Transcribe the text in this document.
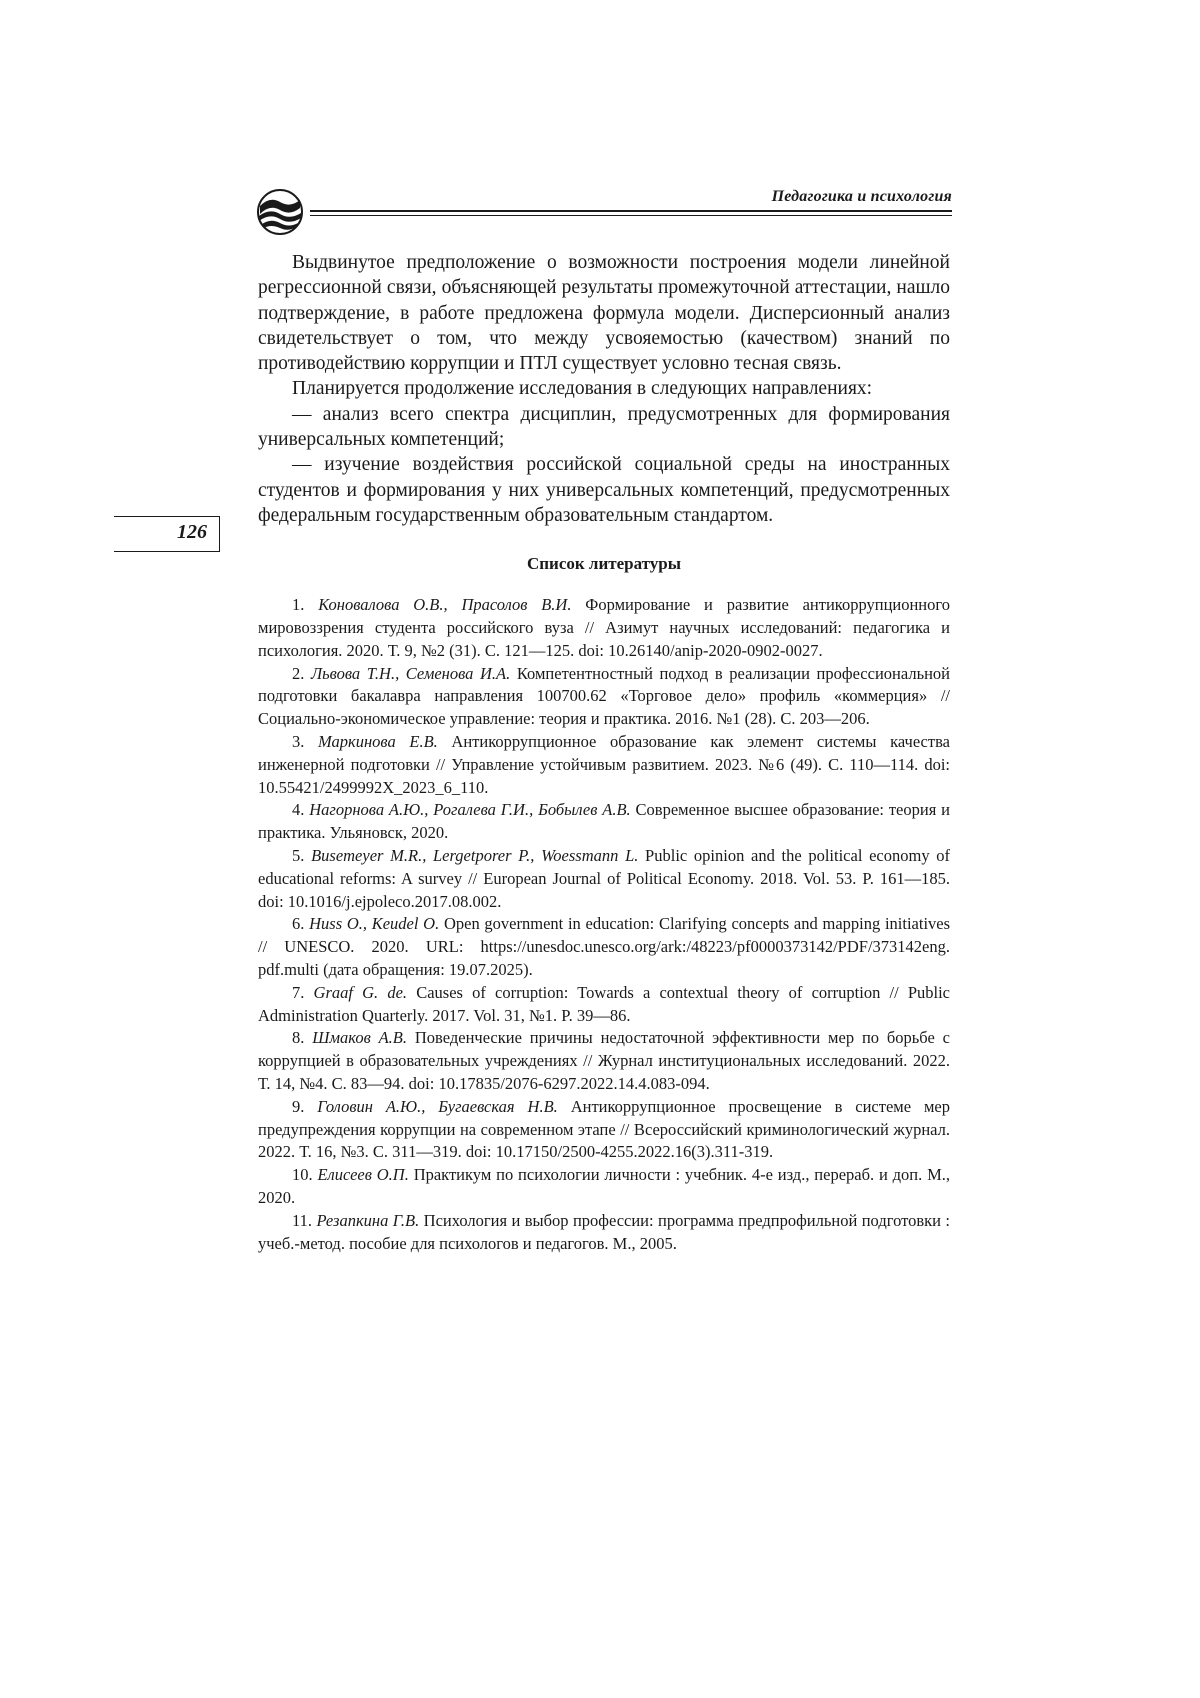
Педагогика и психология
126

Выдвинутое предположение о возможности построения модели линейной регрессионной связи, объясняющей результаты промежуточной аттестации, нашло подтверждение, в работе предложена формула модели. Дисперсионный анализ свидетельствует о том, что между усвояемостью (качеством) знаний по противодействию коррупции и ПТЛ существует условно тесная связь.

Планируется продолжение исследования в следующих направлениях:

— анализ всего спектра дисциплин, предусмотренных для формирования универсальных компетенций;

— изучение воздействия российской социальной среды на иностранных студентов и формирования у них универсальных компетенций, предусмотренных федеральным государственным образовательным стандартом.

Список литературы

1. Коновалова О.В., Прасолов В.И. Формирование и развитие антикоррупционного мировоззрения студента российского вуза // Азимут научных исследований: педагогика и психология. 2020. Т. 9, №2 (31). С. 121—125. doi: 10.26140/anip-2020-0902-0027.

2. Львова Т.Н., Семенова И.А. Компетентностный подход в реализации профессиональной подготовки бакалавра направления 100700.62 «Торговое дело» профиль «коммерция» // Социально-экономическое управление: теория и практика. 2016. №1 (28). С. 203—206.

3. Маркинова Е.В. Антикоррупционное образование как элемент системы качества инженерной подготовки // Управление устойчивым развитием. 2023. №6 (49). С. 110—114. doi: 10.55421/2499992X_2023_6_110.

4. Нагорнова А.Ю., Рогалева Г.И., Бобылев А.В. Современное высшее образование: теория и практика. Ульяновск, 2020.

5. Busemeyer M.R., Lergetporer P., Woessmann L. Public opinion and the political economy of educational reforms: A survey // European Journal of Political Economy. 2018. Vol. 53. P. 161—185. doi: 10.1016/j.ejpoleco.2017.08.002.

6. Huss O., Keudel O. Open government in education: Clarifying concepts and mapping initiatives // UNESCO. 2020. URL: https://unesdoc.unesco.org/ark:/48223/pf0000373142/PDF/373142eng. pdf.multi (дата обращения: 19.07.2025).

7. Graaf G. de. Causes of corruption: Towards a contextual theory of corruption // Public Administration Quarterly. 2017. Vol. 31, №1. P. 39—86.

8. Шмаков А.В. Поведенческие причины недостаточной эффективности мер по борьбе с коррупцией в образовательных учреждениях // Журнал институциональных исследований. 2022. Т. 14, №4. С. 83—94. doi: 10.17835/2076-6297.2022.14.4.083-094.

9. Головин А.Ю., Бугаевская Н.В. Антикоррупционное просвещение в системе мер предупреждения коррупции на современном этапе // Всероссийский криминологический журнал. 2022. Т. 16, №3. С. 311—319. doi: 10.17150/2500-4255.2022.16(3).311-319.

10. Елисеев О.П. Практикум по психологии личности : учебник. 4-е изд., перераб. и доп. М., 2020.

11. Резапкина Г.В. Психология и выбор профессии: программа предпрофильной подготовки : учеб.-метод. пособие для психологов и педагогов. М., 2005.
